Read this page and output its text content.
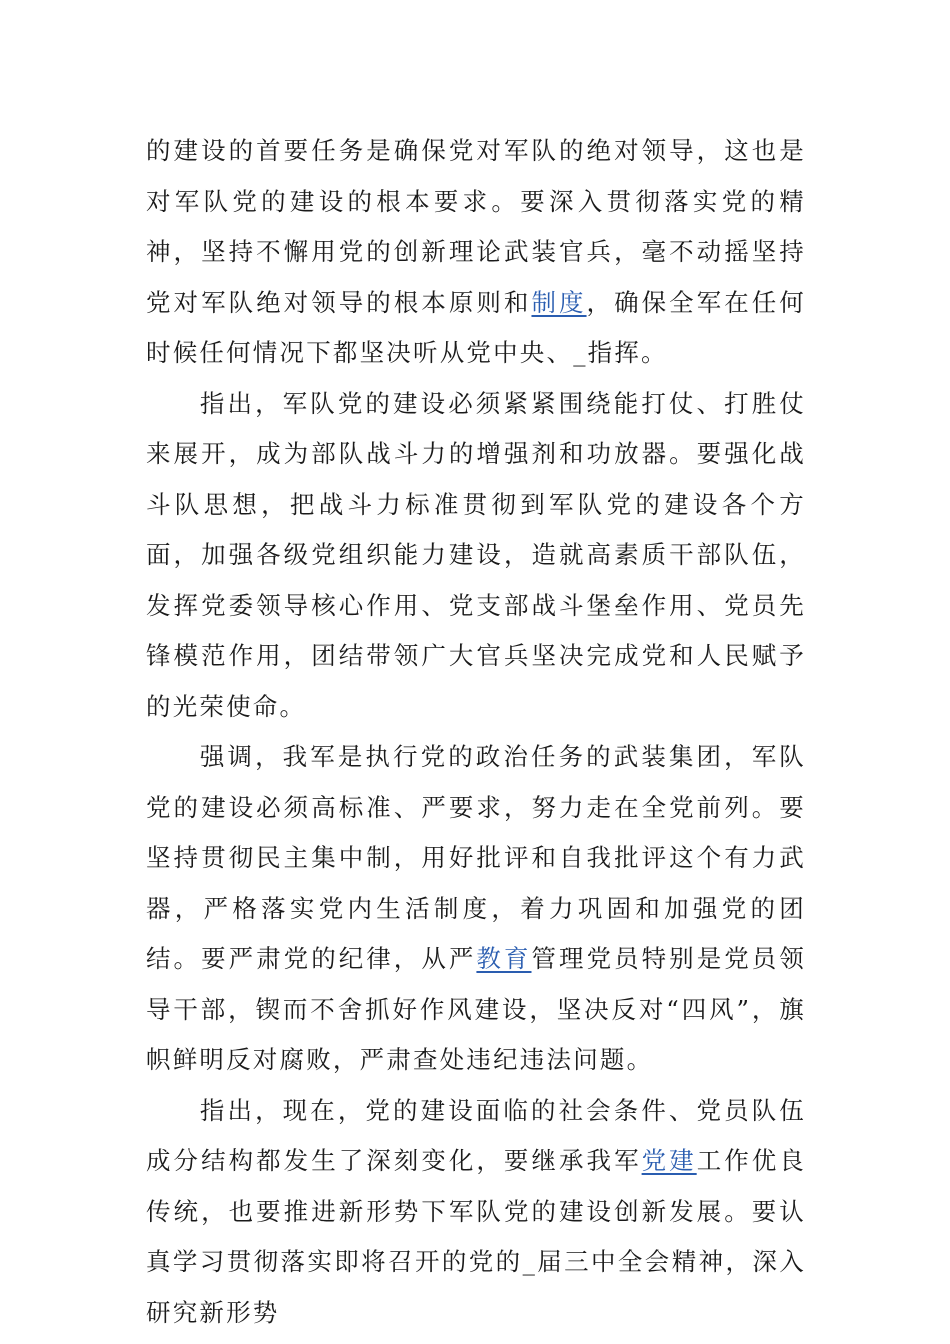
的建设的首要任务是确保党对军队的绝对领导，这也是对军队党的建设的根本要求。要深入贯彻落实党的精神，坚持不懈用党的创新理论武装官兵，毫不动摇坚持党对军队绝对领导的根本原则和制度，确保全军在任何时候任何情况下都坚决听从党中央、_指挥。

指出，军队党的建设必须紧紧围绕能打仗、打胜仗来展开，成为部队战斗力的增强剂和功放器。要强化战斗队思想，把战斗力标准贯彻到军队党的建设各个方面，加强各级党组织能力建设，造就高素质干部队伍，发挥党委领导核心作用、党支部战斗堡垒作用、党员先锋模范作用，团结带领广大官兵坚决完成党和人民赋予的光荣使命。

强调，我军是执行党的政治任务的武装集团，军队党的建设必须高标准、严要求，努力走在全党前列。要坚持贯彻民主集中制，用好批评和自我批评这个有力武器，严格落实党内生活制度，着力巩固和加强党的团结。要严肃党的纪律，从严教育管理党员特别是党员领导干部，锲而不舍抓好作风建设，坚决反对“四风”，旗帜鲜明反对腐败，严肃查处违纪违法问题。

指出，现在，党的建设面临的社会条件、党员队伍成分结构都发生了深刻变化，要继承我军党建工作优良传统，也要推进新形势下军队党的建设创新发展。要认真学习贯彻落实即将召开的党的_届三中全会精神，深入研究新形势
